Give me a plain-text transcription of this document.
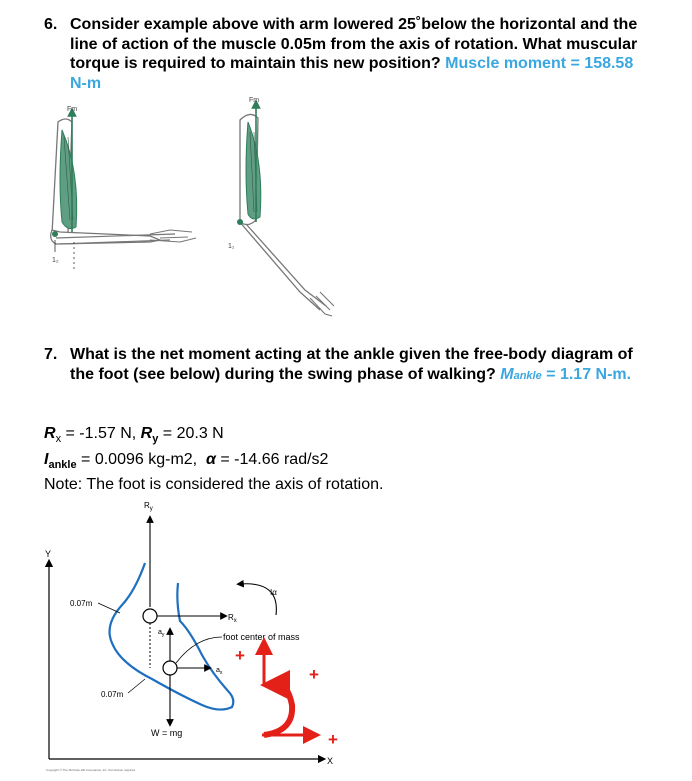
6. Consider example above with arm lowered 25˚below the horizontal and the line of action of the muscle 0.05m from the axis of rotation. What muscular torque is required to maintain this new position? Muscle moment = 158.58 N-m
Fm
1₂
Fm
1₁
7. What is the net moment acting at the ankle given the free-body diagram of the foot (see below) during the swing phase of walking? Mankle = 1.17 N-m.
$R_x = -1.57$ N, $R_y = 20.3$ N
$I_{ankle} = 0.0096$ kg-m2, α = -14.66 rad/s2
Note: The foot is considered the axis of rotation.
Y
X
$R_y$
$R_x$
$a_y$
$a_x$
W = mg
foot center of mass
Iα
0.07m
0.07m
+
+
+
Copyright © The McGraw-Hill Companies, Inc. Permission required
